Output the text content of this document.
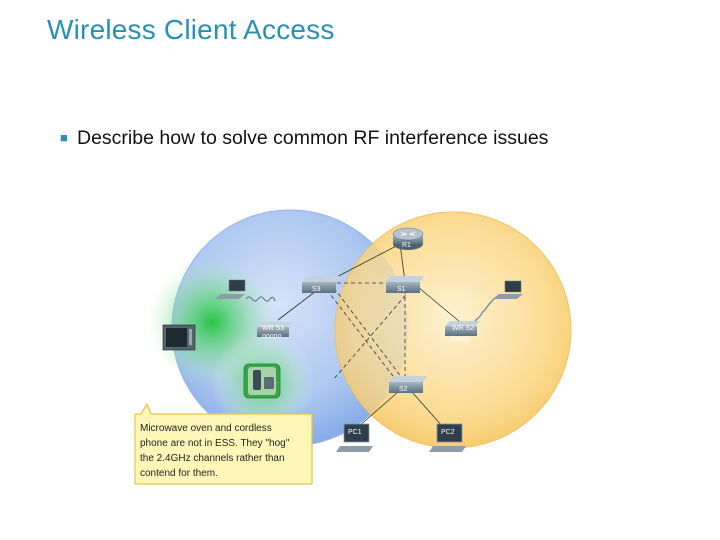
Wireless Client Access
■ Describe how to solve common RF interference issues
R1
S3	S1
S2
WR S3
ooooo
WR S2
ooooo
PC1	PC2
Microwave oven and cordless
phone are not in ESS. They "hog"
the 2.4GHz channels rather than
contend for them.
